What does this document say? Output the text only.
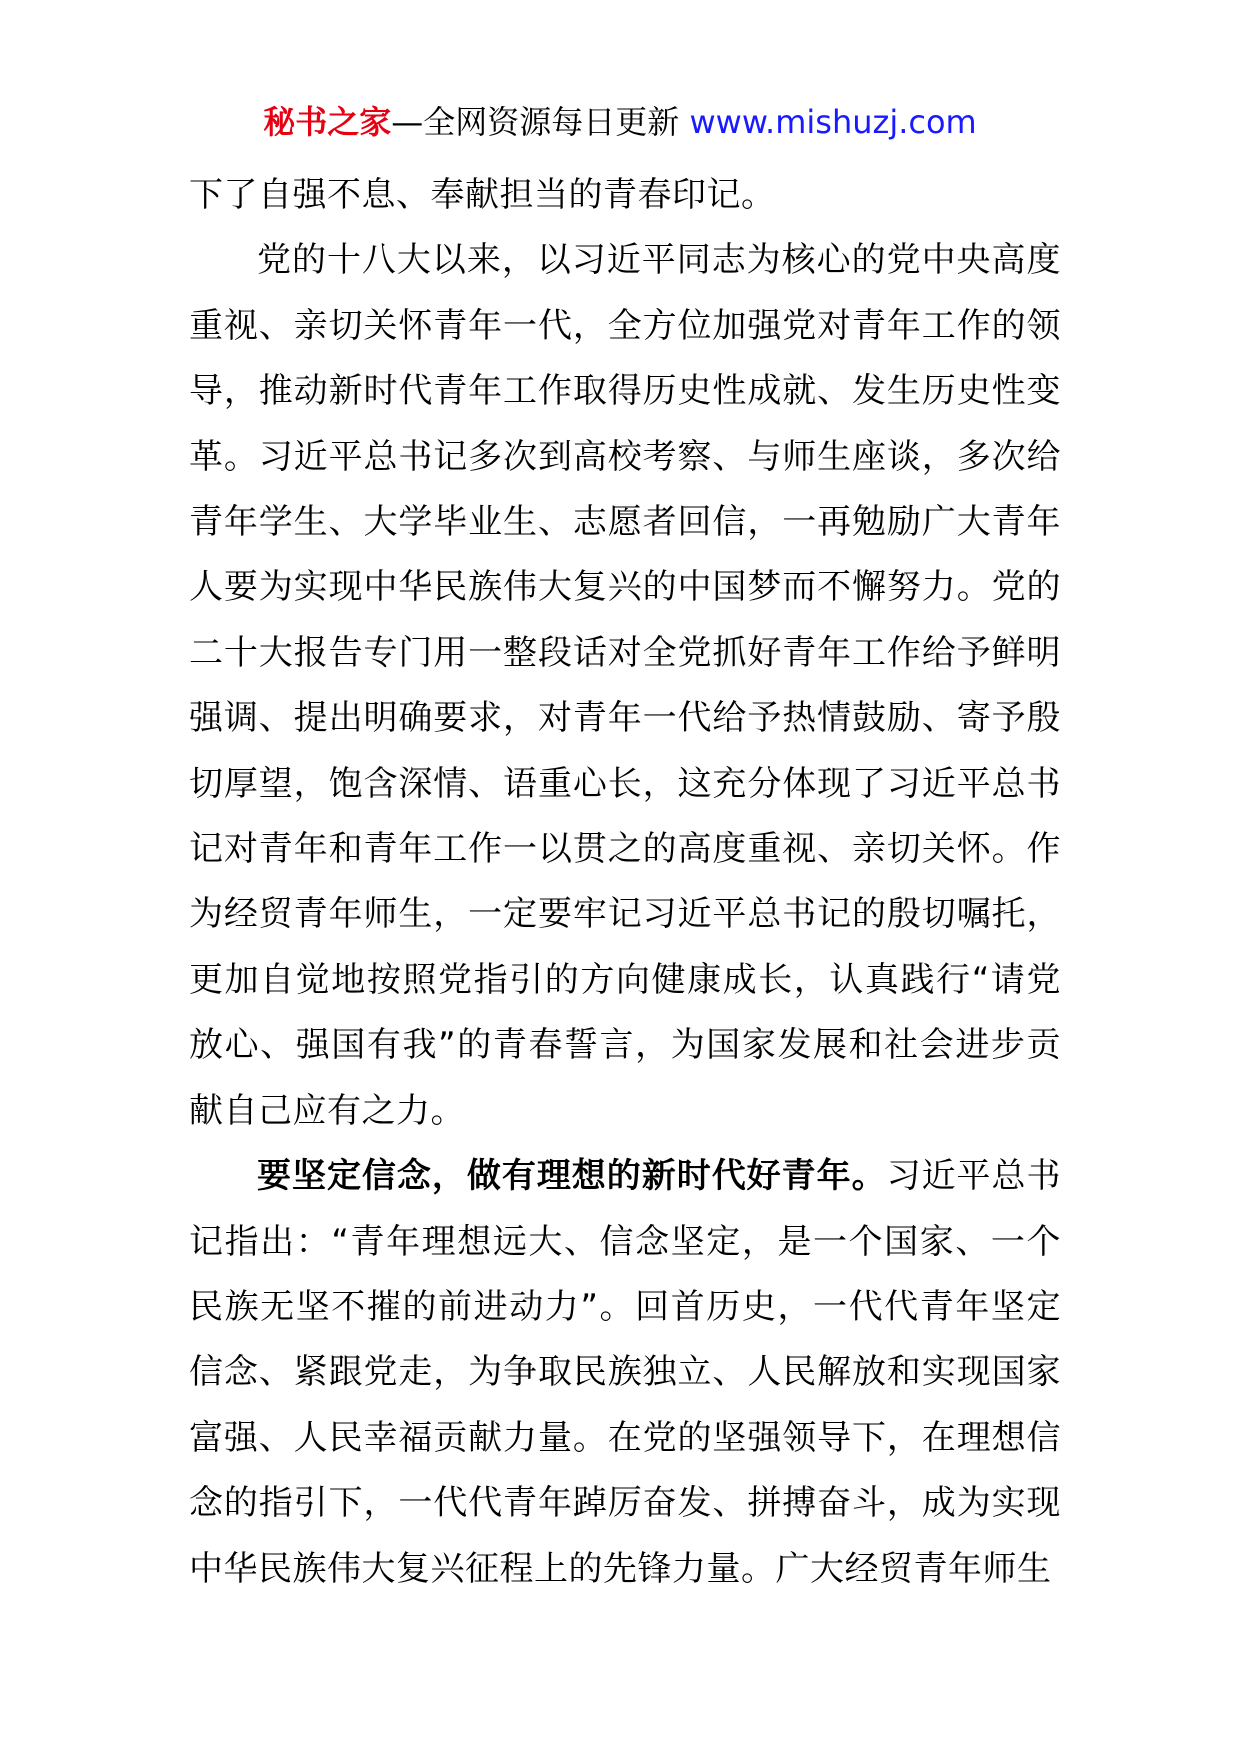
秘书之家—全网资源每日更新 www.mishuzj.com

下了自强不息、奉献担当的青春印记。

党的十八大以来，以习近平同志为核心的党中央高度重视、亲切关怀青年一代，全方位加强党对青年工作的领导，推动新时代青年工作取得历史性成就、发生历史性变革。习近平总书记多次到高校考察、与师生座谈，多次给青年学生、大学毕业生、志愿者回信，一再勉励广大青年人要为实现中华民族伟大复兴的中国梦而不懈努力。党的二十大报告专门用一整段话对全党抓好青年工作给予鲜明强调、提出明确要求，对青年一代给予热情鼓励、寄予殷切厚望，饱含深情、语重心长，这充分体现了习近平总书记对青年和青年工作一以贯之的高度重视、亲切关怀。作为经贸青年师生，一定要牢记习近平总书记的殷切嘱托，更加自觉地按照党指引的方向健康成长，认真践行“请党放心、强国有我”的青春誓言，为国家发展和社会进步贡献自己应有之力。

要坚定信念，做有理想的新时代好青年。习近平总书记指出：“青年理想远大、信念坚定，是一个国家、一个民族无坚不摧的前进动力”。回首历史，一代代青年坚定信念、紧跟党走，为争取民族独立、人民解放和实现国家富强、人民幸福贡献力量。在党的坚强领导下，在理想信念的指引下，一代代青年踔厉奋发、拼搏奋斗，成为实现中华民族伟大复兴征程上的先锋力量。广大经贸青年师生
